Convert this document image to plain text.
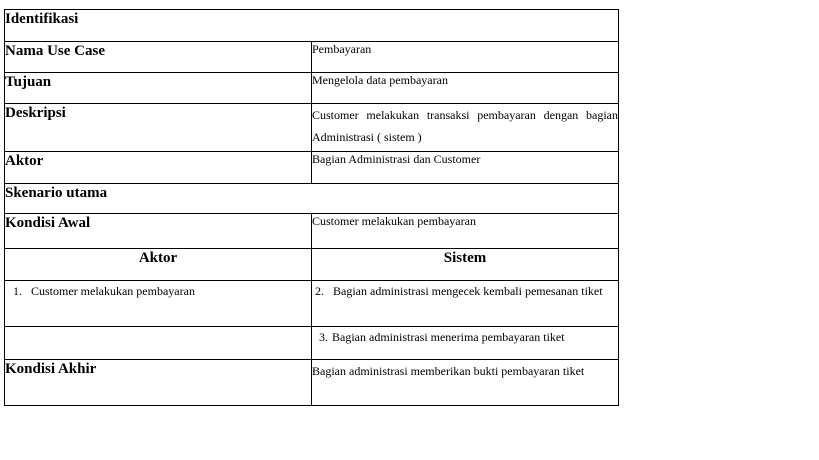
Identifikasi	
Nama Use Case	Pembayaran
Tujuan	Mengelola data pembayaran
Deskripsi	Customer melakukan transaksi pembayaran dengan bagian Administrasi ( sistem )
Aktor	Bagian Administrasi dan Customer
Skenario utama	
Kondisi Awal	Customer melakukan pembayaran
Aktor	Sistem

1. Customer melakukan pembayaran	2. Bagian administrasi mengecek kembali pemesanan tiket

	3. Bagian administrasi menerima pembayaran tiket

Kondisi Akhir	Bagian administrasi memberikan bukti pembayaran tiket
